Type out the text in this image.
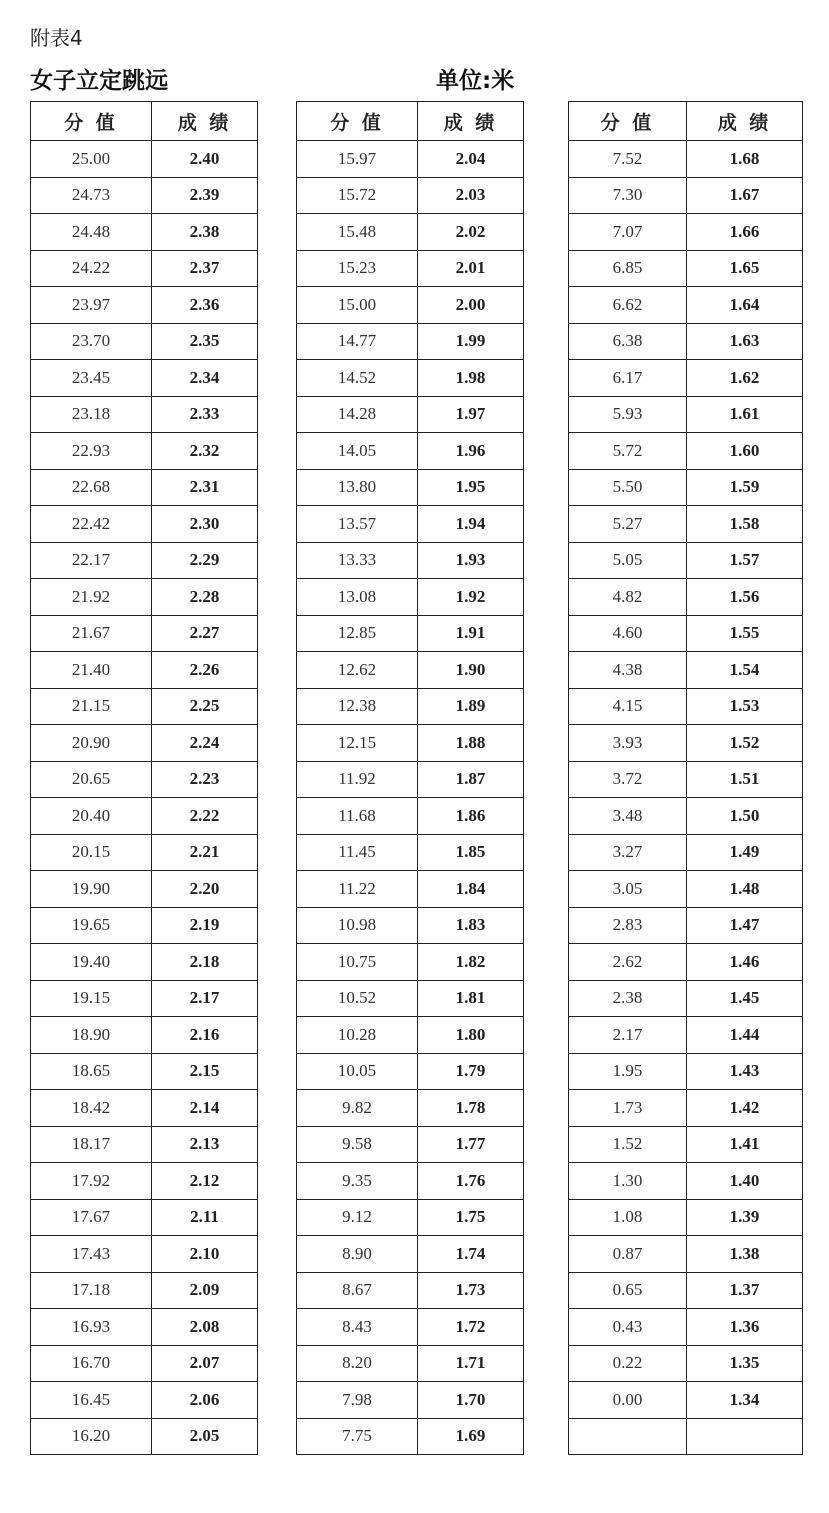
附表4
女子立定跳远	单位:米
分 值	成 绩
25.00	2.40
24.73	2.39
24.48	2.38
24.22	2.37
23.97	2.36
23.70	2.35
23.45	2.34
23.18	2.33
22.93	2.32
22.68	2.31
22.42	2.30
22.17	2.29
21.92	2.28
21.67	2.27
21.40	2.26
21.15	2.25
20.90	2.24
20.65	2.23
20.40	2.22
20.15	2.21
19.90	2.20
19.65	2.19
19.40	2.18
19.15	2.17
18.90	2.16
18.65	2.15
18.42	2.14
18.17	2.13
17.92	2.12
17.67	2.11
17.43	2.10
17.18	2.09
16.93	2.08
16.70	2.07
16.45	2.06
16.20	2.05
分 值	成 绩
15.97	2.04
15.72	2.03
15.48	2.02
15.23	2.01
15.00	2.00
14.77	1.99
14.52	1.98
14.28	1.97
14.05	1.96
13.80	1.95
13.57	1.94
13.33	1.93
13.08	1.92
12.85	1.91
12.62	1.90
12.38	1.89
12.15	1.88
11.92	1.87
11.68	1.86
11.45	1.85
11.22	1.84
10.98	1.83
10.75	1.82
10.52	1.81
10.28	1.80
10.05	1.79
9.82	1.78
9.58	1.77
9.35	1.76
9.12	1.75
8.90	1.74
8.67	1.73
8.43	1.72
8.20	1.71
7.98	1.70
7.75	1.69
分 值	成 绩
7.52	1.68
7.30	1.67
7.07	1.66
6.85	1.65
6.62	1.64
6.38	1.63
6.17	1.62
5.93	1.61
5.72	1.60
5.50	1.59
5.27	1.58
5.05	1.57
4.82	1.56
4.60	1.55
4.38	1.54
4.15	1.53
3.93	1.52
3.72	1.51
3.48	1.50
3.27	1.49
3.05	1.48
2.83	1.47
2.62	1.46
2.38	1.45
2.17	1.44
1.95	1.43
1.73	1.42
1.52	1.41
1.30	1.40
1.08	1.39
0.87	1.38
0.65	1.37
0.43	1.36
0.22	1.35
0.00	1.34
